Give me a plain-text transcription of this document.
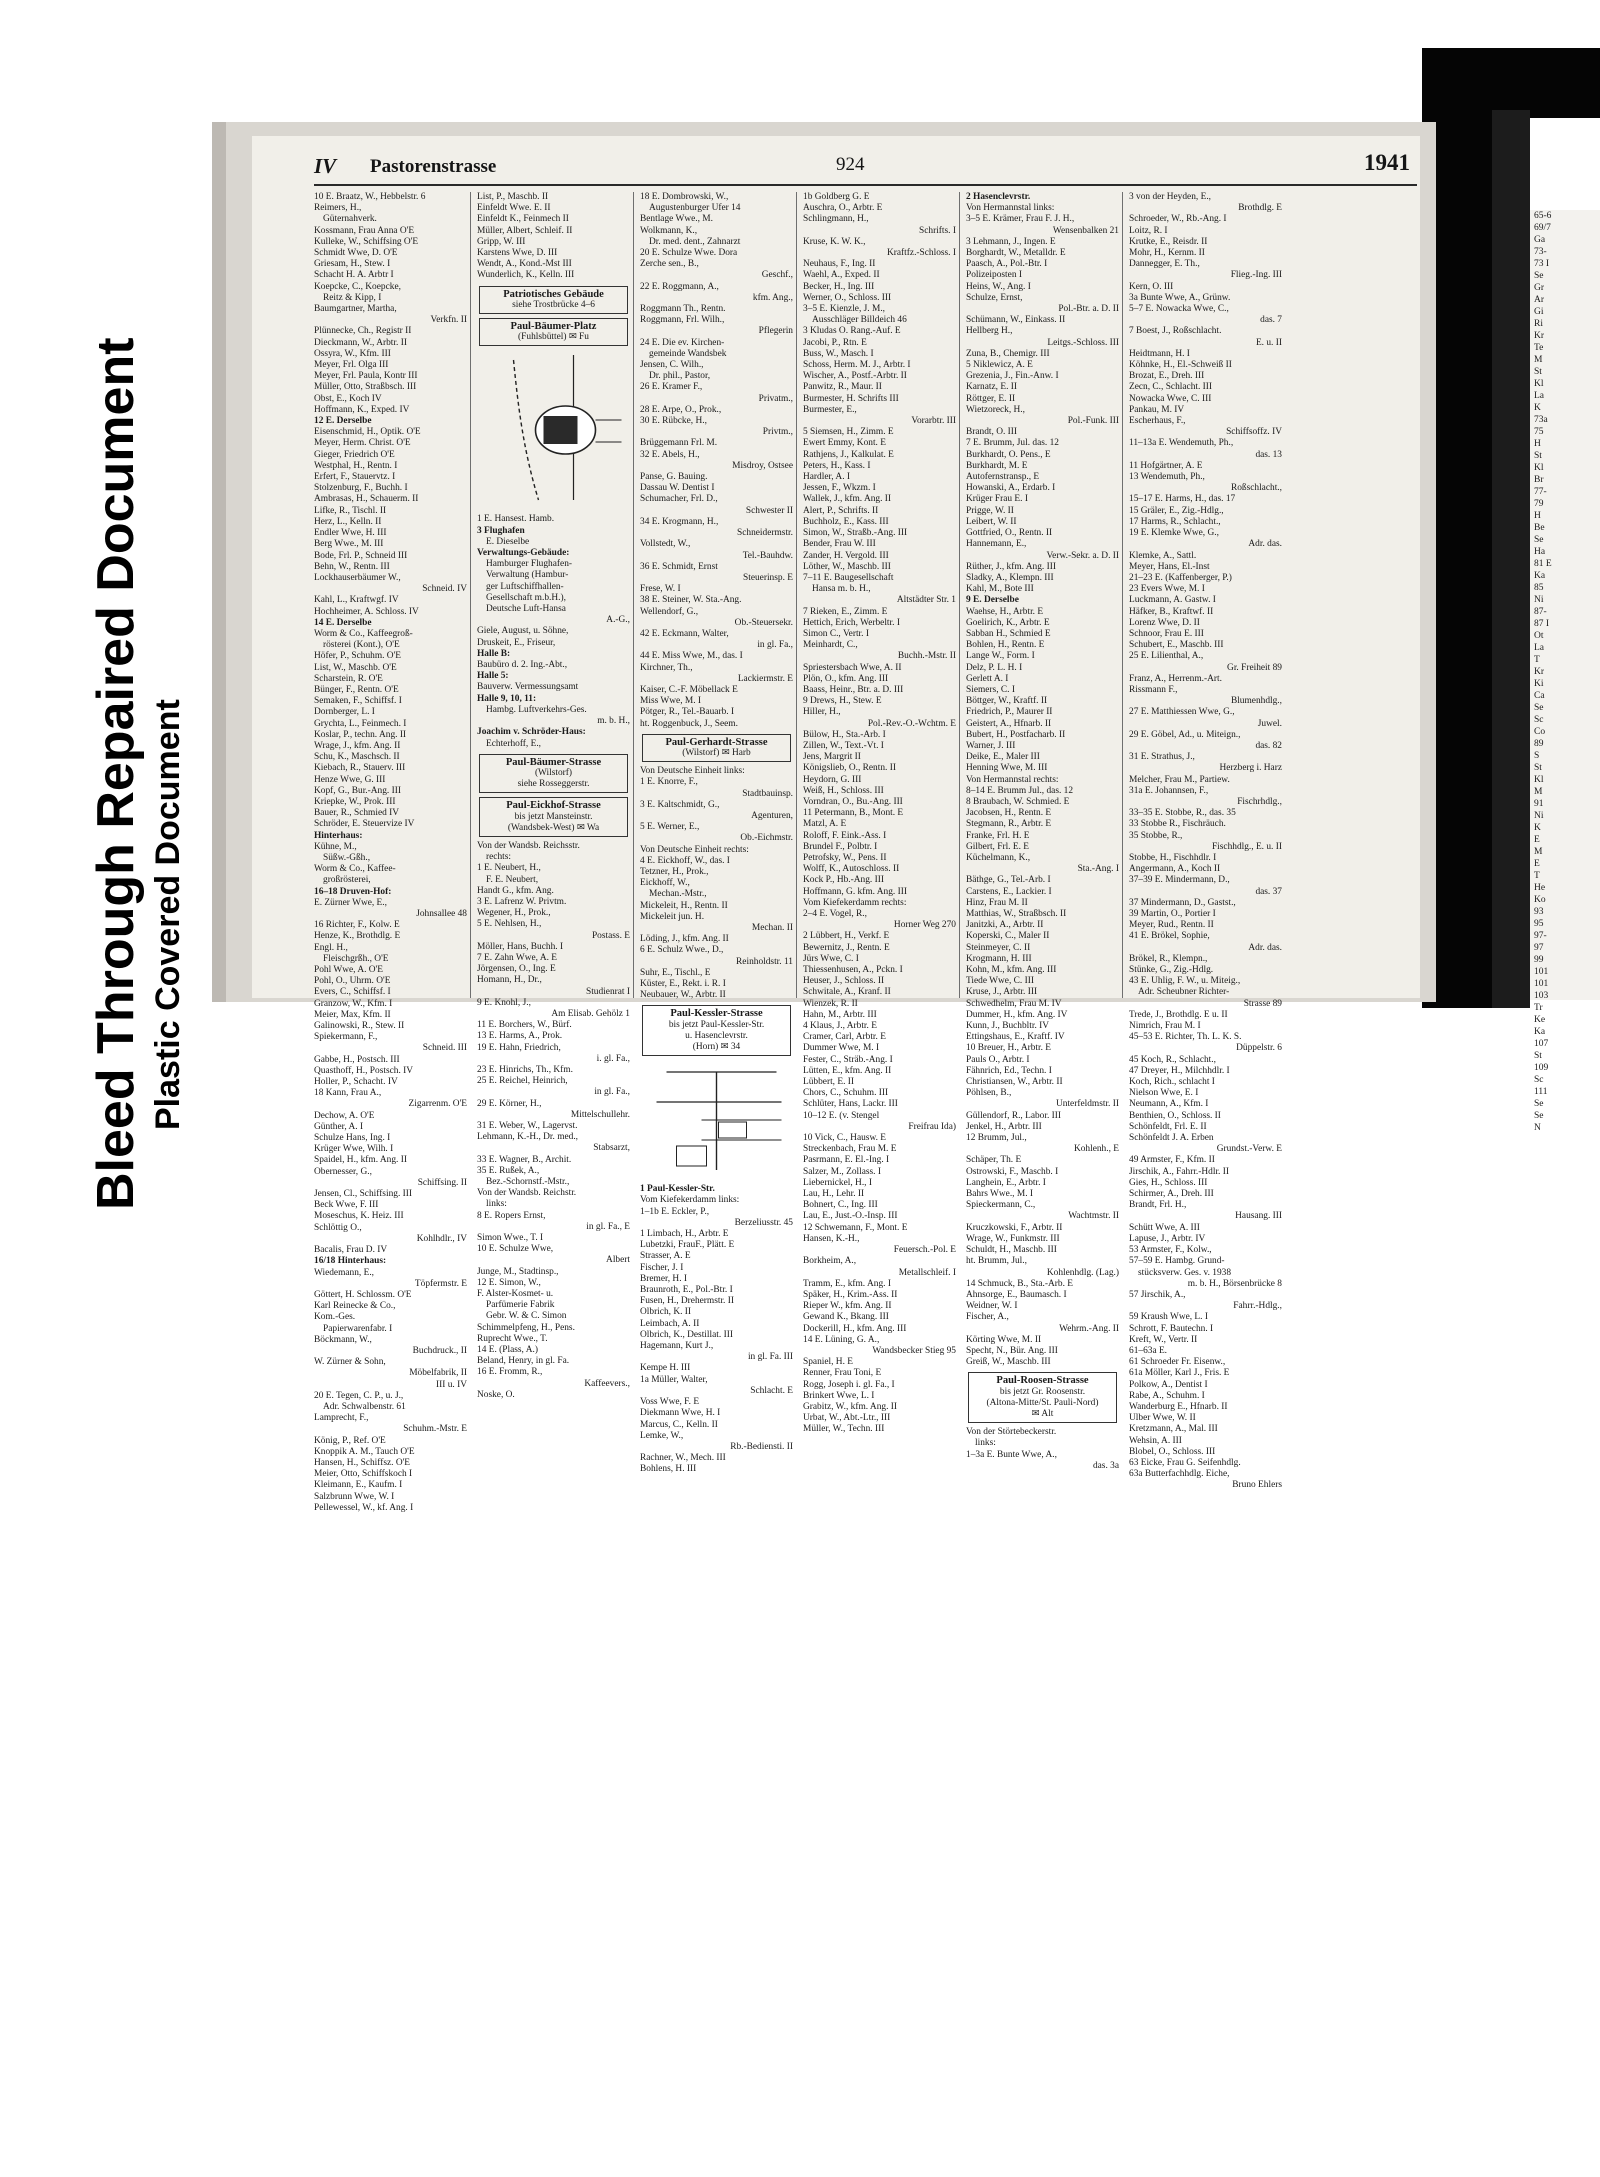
Bleed Through Repaired Document
Plastic Covered Document
IV Pastorenstrasse	924	1941
10 E. Braatz, W., Hebbelstr. 6
Reimers, H.,
Güternahverk.
Kossmann, Frau Anna O'E
Kulleke, W., Schiffsing O'E
Schmidt Wwe, D. O'E
Griesam, H., Stew. I
Schacht H. A. Arbtr I
Koepcke, C., Koepcke,
Reitz & Kipp, I
Baumgartner, Martha,
Verkfn. II
Plünnecke, Ch., Registr II
Dieckmann, W., Arbtr. II
Ossyra, W., Kfm. III
Meyer, Frl. Olga III
Meyer, Frl. Paula, Kontr III
Müller, Otto, Straßbsch. III
Obst, E., Koch IV
Hoffmann, K., Exped. IV
12 E. Derselbe
Eisenschmid, H., Optik. O'E
Meyer, Herm. Christ. O'E
Gieger, Friedrich O'E
Westphal, H., Rentn. I
Erfert, F., Stauervtz. I
Stolzenburg, F., Buchh. I
Ambrasas, H., Schauerm. II
Lifke, R., Tischl. II
Herz, L., Kelln. II
Endler Wwe, H. III
Berg Wwe., M. III
Bode, Frl. P., Schneid III
Behn, W., Rentn. III
Lockhauserbäumer W.,
Schneid. IV
Kahl, L., Kraftwgf. IV
Hochheimer, A. Schloss. IV
14 E. Derselbe
Worm & Co., Kaffeegroß-
rösterei (Kont.), O'E
Höfer, P., Schuhm. O'E
List, W., Maschb. O'E
Scharstein, R. O'E
Bünger, F., Rentn. O'E
Semaken, F., Schiffsf. I
Dornberger, L. I
Grychta, L., Feinmech. I
Koslar, P., techn. Ang. II
Wrage, J., kfm. Ang. II
Schu, K., Maschsch. II
Kiebach, R., Stauerv. III
Henze Wwe, G. III
Kopf, G., Bur.-Ang. III
Kriepke, W., Prok. III
Bauer, R., Schmied IV
Schröder, E. Steuervize IV
Hinterhaus:
Kühne, M.,
Süßw.-Gßh.,
Worm & Co., Kaffee-
großrösterei,
16–18 Druven-Hof:
E. Zürner Wwe, E.,
Johnsallee 48
16 Richter, F., Kolw. E
Henze, K., Brothdlg. E
Engl. H.,
Fleischgrßh., O'E
Pohl Wwe, A. O'E
Pohl, O., Uhrm. O'E
Evers, C., Schiffsf. I
Granzow, W., Kfm. I
Meier, Max, Kfm. II
Galinowski, R., Stew. II
Spiekermann, F.,
Schneid. III
Gabbe, H., Postsch. III
Quasthoff, H., Postsch. IV
Holler, P., Schacht. IV
18 Kann, Frau A.,
Zigarrenm. O'E
Dechow, A. O'E
Günther, A. I
Schulze Hans, Ing. I
Krüger Wwe, Wilh. I
Spaidel, H., kfm. Ang. II
Obernesser, G.,
Schiffsing. II
Jensen, Cl., Schiffsing. III
Beck Wwe, F. III
Moseschus, K. Heiz. III
Schlöttig O.,
Kohlhdlr., IV
Bacalis, Frau D. IV
16/18 Hinterhaus:
Wiedemann, E.,
Töpfermstr. E
Göttert, H. Schlossm. O'E
Karl Reinecke & Co.,
Kom.-Ges.
Papierwarenfabr. I
Böckmann, W.,
Buchdruck., II
W. Zürner & Sohn,
Möbelfabrik, II
III u. IV
20 E. Tegen, C. P., u. J.,
Adr. Schwalbenstr. 61
Lamprecht, F.,
Schuhm.-Mstr. E
König, P., Ref. O'E
Knoppik A. M., Tauch O'E
Hansen, H., Schiffsz. O'E
Meier, Otto, Schiffskoch I
Kleimann, E., Kaufm. I
Salzbrunn Wwe, W. I
Pellewessel, W., kf. Ang. I
List, P., Maschb. II
Einfeldt Wwe. E. II
Einfeldt K., Feinmech II
Müller, Albert, Schleif. II
Gripp, W. III
Karstens Wwe, D. III
Wendt, A., Kond.-Mst III
Wunderlich, K., Kelln. III
Patriotisches Gebäude
siehe Trostbrücke 4–6
Paul-Bäumer-Platz
(Fuhlsbüttel) ✉ Fu
1 E. Hansest. Hamb.
3 Flughafen
E. Dieselbe
Verwaltungs-Gebäude:
Hamburger Flughafen-
Verwaltung (Hambur-
ger Luftschiffhallen-
Gesellschaft m.b.H.),
Deutsche Luft-Hansa
A.-G.,
Giele, August, u. Söhne,
Druskeit, E., Friseur,
Halle B:
Baubüro d. 2. Ing.-Abt.,
Halle 5:
Bauverw. Vermessungsamt
Halle 9, 10, 11:
Hambg. Luftverkehrs-Ges.
m. b. H.,
Joachim v. Schröder-Haus:
Echterhoff, E.,
Paul-Bäumer-Strasse
(Wilstorf)
siehe Rosseggerstr.
Paul-Eickhof-Strasse
bis jetzt Mansteinstr.
(Wandsbek-West) ✉ Wa
Von der Wandsb. Reichsstr.
rechts:
1 E. Neubert, H.,
F. E. Neubert,
Handt G., kfm. Ang.
3 E. Lafrenz W. Privtm.
Wegener, H., Prok.,
5 E. Nehlsen, H.,
Postass. E
Möller, Hans, Buchh. I
7 E. Zahn Wwe, A. E
Jörgensen, O., Ing. E
Homann, H., Dr.,
Studienrat I
9 E. Knohl, J.,
Am Elisab. Gehölz 1
11 E. Borchers, W., Bürf.
13 E. Harms, A., Prok.
19 E. Hahn, Friedrich,
i. gl. Fa.,
23 E. Hinrichs, Th., Kfm.
25 E. Reichel, Heinrich,
in gl. Fa.,
29 E. Körner, H.,
Mittelschullehr.
31 E. Weber, W., Lagervst.
Lehmann, K.-H., Dr. med.,
Stabsarzt,
33 E. Wagner, B., Archit.
35 E. Rußek, A.,
Bez.-Schornstf.-Mstr.,
Von der Wandsb. Reichstr.
links:
8 E. Ropers Ernst,
in gl. Fa., E
Simon Wwe., T. I
10 E. Schulze Wwe,
Albert
Junge, M., Stadtinsp.,
12 E. Simon, W.,
F. Alster-Kosmet- u.
Parfümerie Fabrik
Gebr. W. & C. Simon
Schimmelpfeng, H., Pens.
Ruprecht Wwe., T.
14 E. (Plass, A.)
Beland, Henry, in gl. Fa.
16 E. Fromm, R.,
Kaffeevers.,
Noske, O.
18 E. Dombrowski, W.,
Augustenburger Ufer 14
Bentlage Wwe., M.
Wolkmann, K.,
Dr. med. dent., Zahnarzt
20 E. Schulze Wwe. Dora
Zerche sen., B.,
Geschf.,
22 E. Roggmann, A.,
kfm. Ang.,
Roggmann Th., Rentn.
Roggmann, Frl. Wilh.,
Pflegerin
24 E. Die ev. Kirchen-
gemeinde Wandsbek
Jensen, C. Wilh.,
Dr. phil., Pastor,
26 E. Kramer F.,
Privatm.,
28 E. Arpe, O., Prok.,
30 E. Rübcke, H.,
Privtm.,
Brüggemann Frl. M.
32 E. Abels, H.,
Misdroy, Ostsee
Panse, G. Bauing.
Dassau W. Dentist I
Schumacher, Frl. D.,
Schwester II
34 E. Krogmann, H.,
Schneidermstr.
Vollstedt, W.,
Tel.-Bauhdw.
36 E. Schmidt, Ernst
Steuerinsp. E
Frese, W. I
38 E. Steiner, W. Sta.-Ang.
Wellendorf, G.,
Ob.-Steuersekr.
42 E. Eckmann, Walter,
in gl. Fa.,
44 E. Miss Wwe, M., das. I
Kirchner, Th.,
Lackiermstr. E
Kaiser, C.-F. Möbellack E
Miss Wwe, M. I
Pötger, R., Tel.-Bauarb. I
ht. Roggenbuck, J., Seem.
Paul-Gerhardt-Strasse
(Wilstorf) ✉ Harb
Von Deutsche Einheit links:
1 E. Knorre, F.,
Stadtbauinsp.
3 E. Kaltschmidt, G.,
Agenturen,
5 E. Werner, E.,
Ob.-Eichmstr.
Von Deutsche Einheit rechts:
4 E. Eickhoff, W., das. I
Tetzner, H., Prok.,
Eickhoff, W.,
Mechan.-Mstr.,
Mickeleit, H., Rentn. II
Mickeleit jun. H.
Mechan. II
Löding, J., kfm. Ang. II
6 E. Schulz Wwe., D.,
Reinholdstr. 11
Suhr, E., Tischl., E
Küster, E., Rekt. i. R. I
Neubauer, W., Arbtr. II
Paul-Kessler-Strasse
bis jetzt Paul-Kessler-Str.
u. Hasenclevrstr.
(Horn) ✉ 34
1 Paul-Kessler-Str.
Vom Kiefekerdamm links:
1–1b E. Eckler, P.,
Berzeliusstr. 45
1 Limbach, H., Arbtr. E
Lubetzki, FrauF., Plätt. E
Strasser, A. E
Fischer, J. I
Bremer, H. I
Braunroth, E., Pol.-Btr. I
Fusen, H., Drehermstr. II
Olbrich, K. II
Leimbach, A. II
Olbrich, K., Destillat. III
Hagemann, Kurt J.,
in gl. Fa. III
Kempe H. III
1a Müller, Walter,
Schlacht. E
Voss Wwe, F. E
Diekmann Wwe, H. I
Marcus, C., Kelln. II
Lemke, W.,
Rb.-Bediensti. II
Rachner, W., Mech. III
Bohlens, H. III
1b Goldberg G. E
Auschra, O., Arbtr. E
Schlingmann, H.,
Schrifts. I
Kruse, K. W. K.,
Kraftfz.-Schloss. I
Neuhaus, F., Ing. II
Waehl, A., Exped. II
Becker, H., Ing. III
Werner, O., Schloss. III
3–5 E. Kienzle, J. M.,
Ausschläger Billdeich 46
3 Kludas O. Rang.-Auf. E
Jacobi, P., Rtn. E
Buss, W., Masch. I
Schoss, Herm. M. J., Arbtr. I
Wischer, A., Postf.-Arbtr. II
Panwitz, R., Maur. II
Burmester, H. Schrifts III
Burmester, E.,
Vorarbtr. III
5 Siemsen, H., Zimm. E
Ewert Emmy, Kont. E
Rathjens, J., Kalkulat. E
Peters, H., Kass. I
Hardler, A. I
Jessen, F., Wkzm. I
Wallek, J., kfm. Ang. II
Alert, P., Schrifts. II
Buchholz, E., Kass. III
Simon, W., Straßb.-Ang. III
Bender, Frau W. III
Zander, H. Vergold. III
Löther, W., Maschb. III
7–11 E. Baugesellschaft
Hansa m. b. H.,
Altstädter Str. 1
7 Rieken, E., Zimm. E
Hettich, Erich, Werbeltr. I
Simon C., Vertr. I
Meinhardt, C.,
Buchh.-Mstr. II
Spriestersbach Wwe, A. II
Plön, O., kfm. Ang. III
Baass, Heinr., Btr. a. D. III
9 Drews, H., Stew. E
Hiller, H.,
Pol.-Rev.-O.-Wchtm. E
Bülow, H., Sta.-Arb. I
Zillen, W., Text.-Vt. I
Jens, Margrit II
Königslieb, O., Rentn. II
Heydorn, G. III
Weiß, H., Schloss. III
Vorndran, O., Bu.-Ang. III
11 Petermann, B., Mont. E
Matzl, A. E
Roloff, F. Eink.-Ass. I
Brundel F., Polbtr. I
Petrofsky, W., Pens. II
Wolff, K., Autoschloss. II
Kock P., Hb.-Ang. III
Hoffmann, G. kfm. Ang. III
Vom Kiefekerdamm rechts:
2–4 E. Vogel, R.,
Horner Weg 270
2 Lübbert, H., Verkf. E
Bewernitz, J., Rentn. E
Jürs Wwe, C. I
Thiessenhusen, A., Pckn. I
Heuser, J., Schloss. II
Schwitale, A., Kranf. II
Wienzek, R. II
Hahn, M., Arbtr. III
4 Klaus, J., Arbtr. E
Cramer, Carl, Arbtr. E
Dummer Wwe, M. I
Fester, C., Sträb.-Ang. I
Lütten, E., kfm. Ang. II
Lübbert, E. II
Chors, C., Schuhm. III
Schlüter, Hans, Lackr. III
10–12 E. (v. Stengel
Freifrau Ida)
10 Vick, C., Hausw. E
Streckenbach, Frau M. E
Pasrmann, E. El.-Ing. I
Salzer, M., Zollass. I
Liebernickel, H., I
Lau, H., Lehr. II
Bohnert, C., Ing. III
Lau, E., Just.-O.-Insp. III
12 Schwemann, F., Mont. E
Hansen, K.-H.,
Feuersch.-Pol. E
Borkheim, A.,
Metallschleif. I
Tramm, E., kfm. Ang. I
Späker, H., Krim.-Ass. II
Rieper W., kfm. Ang. II
Gewand K., Bkang. III
Dockerill, H., kfm. Ang. III
14 E. Lüning, G. A.,
Wandsbecker Stieg 95
Spaniel, H. E
Renner, Frau Toni, E
Rogg, Joseph i. gl. Fa., I
Brinkert Wwe, L. I
Grabitz, W., kfm. Ang. II
Urbat, W., Abt.-Ltr., III
Müller, W., Techn. III
2 Hasenclevrstr.
Von Hermannstal links:
3–5 E. Krämer, Frau F. J. H.,
Wensenbalken 21
3 Lehmann, J., Ingen. E
Borghardt, W., Metalldr. E
Paasch, A., Pol.-Btr. I
Polizeiposten I
Heins, W., Ang. I
Schulze, Ernst,
Pol.-Btr. a. D. II
Schümann, W., Einkass. II
Hellberg H.,
Leitgs.-Schloss. III
Zuna, B., Chemigr. III
5 Niklewicz, A. E
Grezenia, J., Fin.-Anw. I
Karnatz, E. II
Röttger, E. II
Wietzoreck, H.,
Pol.-Funk. III
Brandt, O. III
7 E. Brumm, Jul. das. 12
Burkhardt, O. Pens., E
Burkhardt, M. E
Autofernstransp., E
Howanski, A., Erdarb. I
Krüger Frau E. I
Prigge, W. II
Leibert, W. II
Gottfried, O., Rentn. II
Hannemann, E.,
Verw.-Sekr. a. D. II
Rüther, J., kfm. Ang. III
Sladky, A., Klempn. III
Kahl, M., Bote III
9 E. Derselbe
Waehse, H., Arbtr. E
Goelirich, K., Arbtr. E
Sabban H., Schmied E
Bohlen, H., Rentn. E
Lange W., Form. I
Delz, P. L. H. I
Gerlett A. I
Siemers, C. I
Böttger, W., Kraftf. II
Friedrich, P., Maurer II
Geistert, A., Hfnarb. II
Bubert, H., Postfacharb. II
Warner, J. III
Deike, E., Maler III
Henning Wwe, M. III
Von Hermannstal rechts:
8–14 E. Brumm Jul., das. 12
8 Braubach, W. Schmied. E
Jacobsen, H., Rentn. E
Stegmann, R., Arbtr. E
Franke, Frl. H. E
Gilbert, Frl. E. E
Küchelmann, K.,
Sta.-Ang. I
Bäthge, G., Tel.-Arb. I
Carstens, E., Lackier. I
Hinz, Frau M. II
Matthias, W., Straßbsch. II
Janitzki, A., Arbtr. II
Koperski, C., Maler II
Steinmeyer, C. II
Krogmann, H. III
Kohn, M., kfm. Ang. III
Tiede Wwe, C. III
Kruse, J., Arbtr. III
Schwedhelm, Frau M. IV
Dummer, H., kfm. Ang. IV
Kunn, J., Buchbltr. IV
Ettingshaus, E., Kraftf. IV
10 Breuer, H., Arbtr. E
Pauls O., Arbtr. I
Fähnrich, Ed., Techn. I
Christiansen, W., Arbtr. II
Pöhlsen, B.,
Unterfeldmstr. II
Güllendorf, R., Labor. III
Jenkel, H., Arbtr. III
12 Brumm, Jul.,
Kohlenh., E
Schäper, Th. E
Ostrowski, F., Maschb. I
Langhein, E., Arbtr. I
Bahrs Wwe., M. I
Spieckermann, C.,
Wachtmstr. II
Kruczkowski, F., Arbtr. II
Wrage, W., Funkmstr. III
Schuldt, H., Maschb. III
ht. Brumm, Jul.,
Kohlenhdlg. (Lag.)
14 Schmuck, B., Sta.-Arb. E
Ahnsorge, E., Baumasch. I
Weidner, W. I
Fischer, A.,
Wehrm.-Ang. II
Körting Wwe, M. II
Specht, N., Bür. Ang. III
Greiß, W., Maschb. III
Paul-Roosen-Strasse
bis jetzt Gr. Roosenstr.
(Altona-Mitte/St. Pauli-Nord)
✉ Alt
Von der Störtebeckerstr.
links:
1–3a E. Bunte Wwe, A.,
das. 3a
3 von der Heyden, E.,
Brothdlg. E
Schroeder, W., Rb.-Ang. I
Loitz, R. I
Krutke, E., Reisdr. II
Mohr, H., Kernm. II
Dannegger, E. Th.,
Flieg.-Ing. III
Kern, O. III
3a Bunte Wwe, A., Grünw.
5–7 E. Nowacka Wwe, C.,
das. 7
7 Boest, J., Roßschlacht.
E. u. II
Heidtmann, H. I
Köhnke, H., El.-Schweiß II
Brozat, E., Dreh. III
Zecn, C., Schlacht. III
Nowacka Wwe, C. III
Pankau, M. IV
Escherhaus, F.,
Schiffsoffz. IV
11–13a E. Wendemuth, Ph.,
das. 13
11 Hofgärtner, A. E
13 Wendemuth, Ph.,
Roßschlacht.,
15–17 E. Harms, H., das. 17
15 Gräler, E., Zig.-Hdlg.,
17 Harms, R., Schlacht.,
19 E. Klemke Wwe, G.,
Adr. das.
Klemke, A., Sattl.
Meyer, Hans, El.-Inst
21–23 E. (Kaffenberger, P.)
23 Evers Wwe, M. I
Luckmann, A. Gastw. I
Häfker, B., Kraftwf. II
Lorenz Wwe, D. II
Schnoor, Frau E. III
Schubert, E., Maschb. III
25 E. Lilienthal, A.,
Gr. Freiheit 89
Franz, A., Herrenm.-Art.
Rissmann F.,
Blumenhdlg.,
27 E. Matthiessen Wwe, G.,
Juwel.
29 E. Göbel, Ad., u. Miteign.,
das. 82
31 E. Strathus, J.,
Herzberg i. Harz
Melcher, Frau M., Partiew.
31a E. Johannsen, F.,
Fischrhdlg.,
33–35 E. Stobbe, R., das. 35
33 Stobbe R., Fischräuch.
35 Stobbe, R.,
Fischhdlg., E. u. II
Stobbe, H., Fischhdlr. I
Angermann, A., Koch II
37–39 E. Mindermann, D.,
das. 37
37 Mindermann, D., Gastst.,
39 Martin, O., Portier I
Meyer, Rud., Rentn. II
41 E. Brökel, Sophie,
Adr. das.
Brökel, R., Klempn.,
Stünke, G., Zig.-Hdlg.
43 E. Uhlig, F. W., u. Miteig.,
Adr. Scheubner Richter-
Strasse 89
Trede, J., Brothdlg. E u. II
Nimrich, Frau M. I
45–53 E. Richter, Th. L. K. S.
Düppelstr. 6
45 Koch, R., Schlacht.,
47 Dreyer, H., Milchhdlr. I
Koch, Rich., schlacht I
Nielson Wwe, E. I
Neumann, A., Kfm. I
Benthien, O., Schloss. II
Schönfeldt, Frl. E. II
Schönfeldt J. A. Erben
Grundst.-Verw. E
49 Armster, F., Kfm. II
Jirschik, A., Fahrr.-Hdlr. II
Gies, H., Schloss. III
Schirmer, A., Dreh. III
Brandt, Frl. H.,
Hausang. III
Schütt Wwe, A. III
Lapuse, J., Arbtr. IV
53 Armster, F., Kolw.,
57–59 E. Hambg. Grund-
stücksverw. Ges. v. 1938
m. b. H., Börsenbrücke 8
57 Jirschik, A.,
Fahrr.-Hdlg.,
59 Kraush Wwe, L. I
Schrott, F. Bautechn. I
Kreft, W., Vertr. II
61–63a E.
61 Schroeder Fr. Eisenw.,
61a Möller, Karl J., Fris. E
Polkow, A., Dentist I
Rabe, A., Schuhm. I
Wanderburg E., Hfnarb. II
Ulber Wwe, W. II
Kretzmann, A., Mal. III
Wehsin, A. III
Blobel, O., Schloss. III
63 Eicke, Frau G. Seifenhdlg.
63a Butterfachhdlg. Eiche,
Bruno Ehlers
65-6
69/7
Ga
73-
73 I
Se
Gr
Ar
Gi
Ri
Kr
Te
M
St
Kl
La
K
73a
75
H
St
Kl
Br
77-
79
H
Be
Se
Ha
81 E
Ka
85
Ni
87-
87 I
Ot
La
T
Kr
Ki
Ca
Se
Sc
Co
89
S
St
Kl
M
91
Ni
K
E
M
E
T
He
Ko
93
95
97-
97
99
101
101
103
Tr
Ke
Ka
107
St
109
Sc
111
Se
Se
N
